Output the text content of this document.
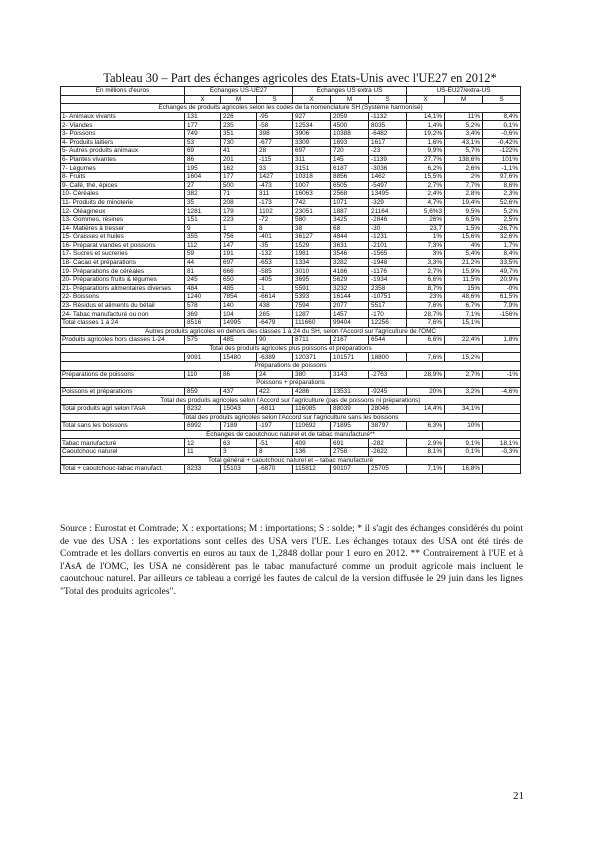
Tableau 30 – Part des échanges agricoles des Etats-Unis avec l'UE27 en 2012*
En millions d'euros	Echanges US-UE27			Echanges US extra US			US-EU27/extra-US		
	X	M	S	X	M	S	X	M	S
Echanges de produits agricoles selon les codes de la nomenclature SH (Système harmonisé)									
1- Animaux vivants	131	226	-95	927	2059	-1132	14,1%	11%	8,4%
2- Viandes	177	235	-58	12534	4500	8035	1,4%	5,2%	0,1%
3- Poissons	749	351	398	3906	10388	-6482	19,2%	3,4%	-0,6%
4- Produits laitiers	53	730	-677	3309	1693	1617	1,6%	43,1%	-0,42%
5- Autres produits animaux	69	41	28	697	720	-23	9,9%	5,7%	-122%
6- Plantes vivantes	86	201	-115	311	145	-1139	27,7%	138,6%	101%
7- Légumes	195	162	33	3151	6187	-3036	6,2%	2,6%	-1,1%
8- Fruits	1604	177	1427	10318	8856	1462	15,5%	2%	97,6%
9- Café, thé, épices	27	500	-473	1007	6505	-5497	2,7%	7,7%	8,6%
10- Céréales	382	71	311	16063	2568	13495	2,4%	2,8%	2,3%
11- Produits de minoterie	35	208	-173	742	1071	-329	4,7%	19,4%	52,6%
12- Oléagineux	1281	179	1102	23051	1887	21164	5,6%3	9,5%	5,2%
13- Gommes, résines	151	223	-72	580	3425	-2846	26%	6,5%	2,5%
14- Matières à tresser	9	1	8	38	68	-30	23,7	1,5%	-26,7%
15- Graisses et huiles	355	756	-401	36127	4844	-1231	1%	15,6%	32,6%
16- Préparat viandes et poissons	112	147	-35	1529	3631	-2101	7,3%	4%	1,7%
17- Sucres et sucreries	59	191	-132	1981	3546	-1565	3%	5,4%	8,4%
18- Cacao et préparations	44	697	-653	1334	3282	-1948	3,3%	21,2%	33,5%
19- Préparations de céréales	81	666	-585	3010	4186	-1176	2,7%	15,9%	49,7%
20- Préparations fruits & légumes	245	650	-405	3695	5629	-1934	6,6%	11,5%	20,9%
21- Préparations alimentaires diverses	484	485	-1	5591	3232	2358	8,7%	15%	-0%
22- Boissons	1240	7854	-6614	5393	16144	-10751	23%	48,6%	61,5%
23- Résidus et aliments du bétail	578	140	438	7594	2077	5517	7,6%	6,7%	7,9%
24- Tabac manufacturé ou non	369	104	265	1287	1457	-170	28,7%	7,1%	-156%
Total classes 1 à 24	8516	14995	-6479	111660	99404	12256	7,6%	15,1%	
Autres produits agricoles en dehors des classes 1 à 24 du SH, selon l'Accord sur l'agriculture de l'OMC									
Produits agricoles hors classes 1-24	575	485	90	8711	2167	6544	6,6%	22,4%	1,8%
Total des produits agricoles plus poissons et préparations									
	9091	15480	-6389	120371	101571	18800	7,6%	15,2%	
Préparations de poissons									
Préparations de poissons	110	86	24	380	3143	-2763	28,9%	2,7%	-1%
Poissons + préparations									
Poissons et préparations	859	437	422	4286	13531	-9245	20%	3,2%	-4,6%
Total des produits agricoles selon l'Accord sur l'agriculture (pas de poissons ni préparations)									
Total produits agri selon l'AsA	8232	15043	-6811	116085	88039	28046	14,4%	34,1%	
Total des produits agricoles selon l'Accord sur l'agriculture sans les boissons									
Total sans les boissons	6992	7189	-197	110692	71895	38797	6,3%	10%	
Echanges de caoutchouc naturel et de tabac manufacturé**									
Tabac manufacturé	12	63	-51	409	691	-282	2,9%	9,1%	18,1%
Caoutchouc naturel	11	3	8	136	2758	-2622	8,1%	0,1%	-0,3%
Total général + caoutchouc naturel et – tabac manufacturé									
Total + caoutchouc-tabac manufact.	8233	15103	-6870	115812	90107	25705	7,1%	16,8%	
Source : Eurostat et Comtrade; X : exportations; M : importations; S : solde; * il s'agit des échanges considérés du point de vue des USA : les exportations sont celles des USA vers l'UE. Les échanges totaux des USA ont été tirés de Comtrade et les dollars convertis en euros au taux de 1,2848 dollar pour 1 euro en 2012. ** Contrairement à l'UE et à l'AsA de l'OMC, les USA ne considèrent pas le tabac manufacturé comme un produit agricole mais incluent le caoutchouc naturel. Par ailleurs ce tableau a corrigé les fautes de calcul de la version diffusée le 29 juin dans les lignes "Total des produits agricoles".
21
